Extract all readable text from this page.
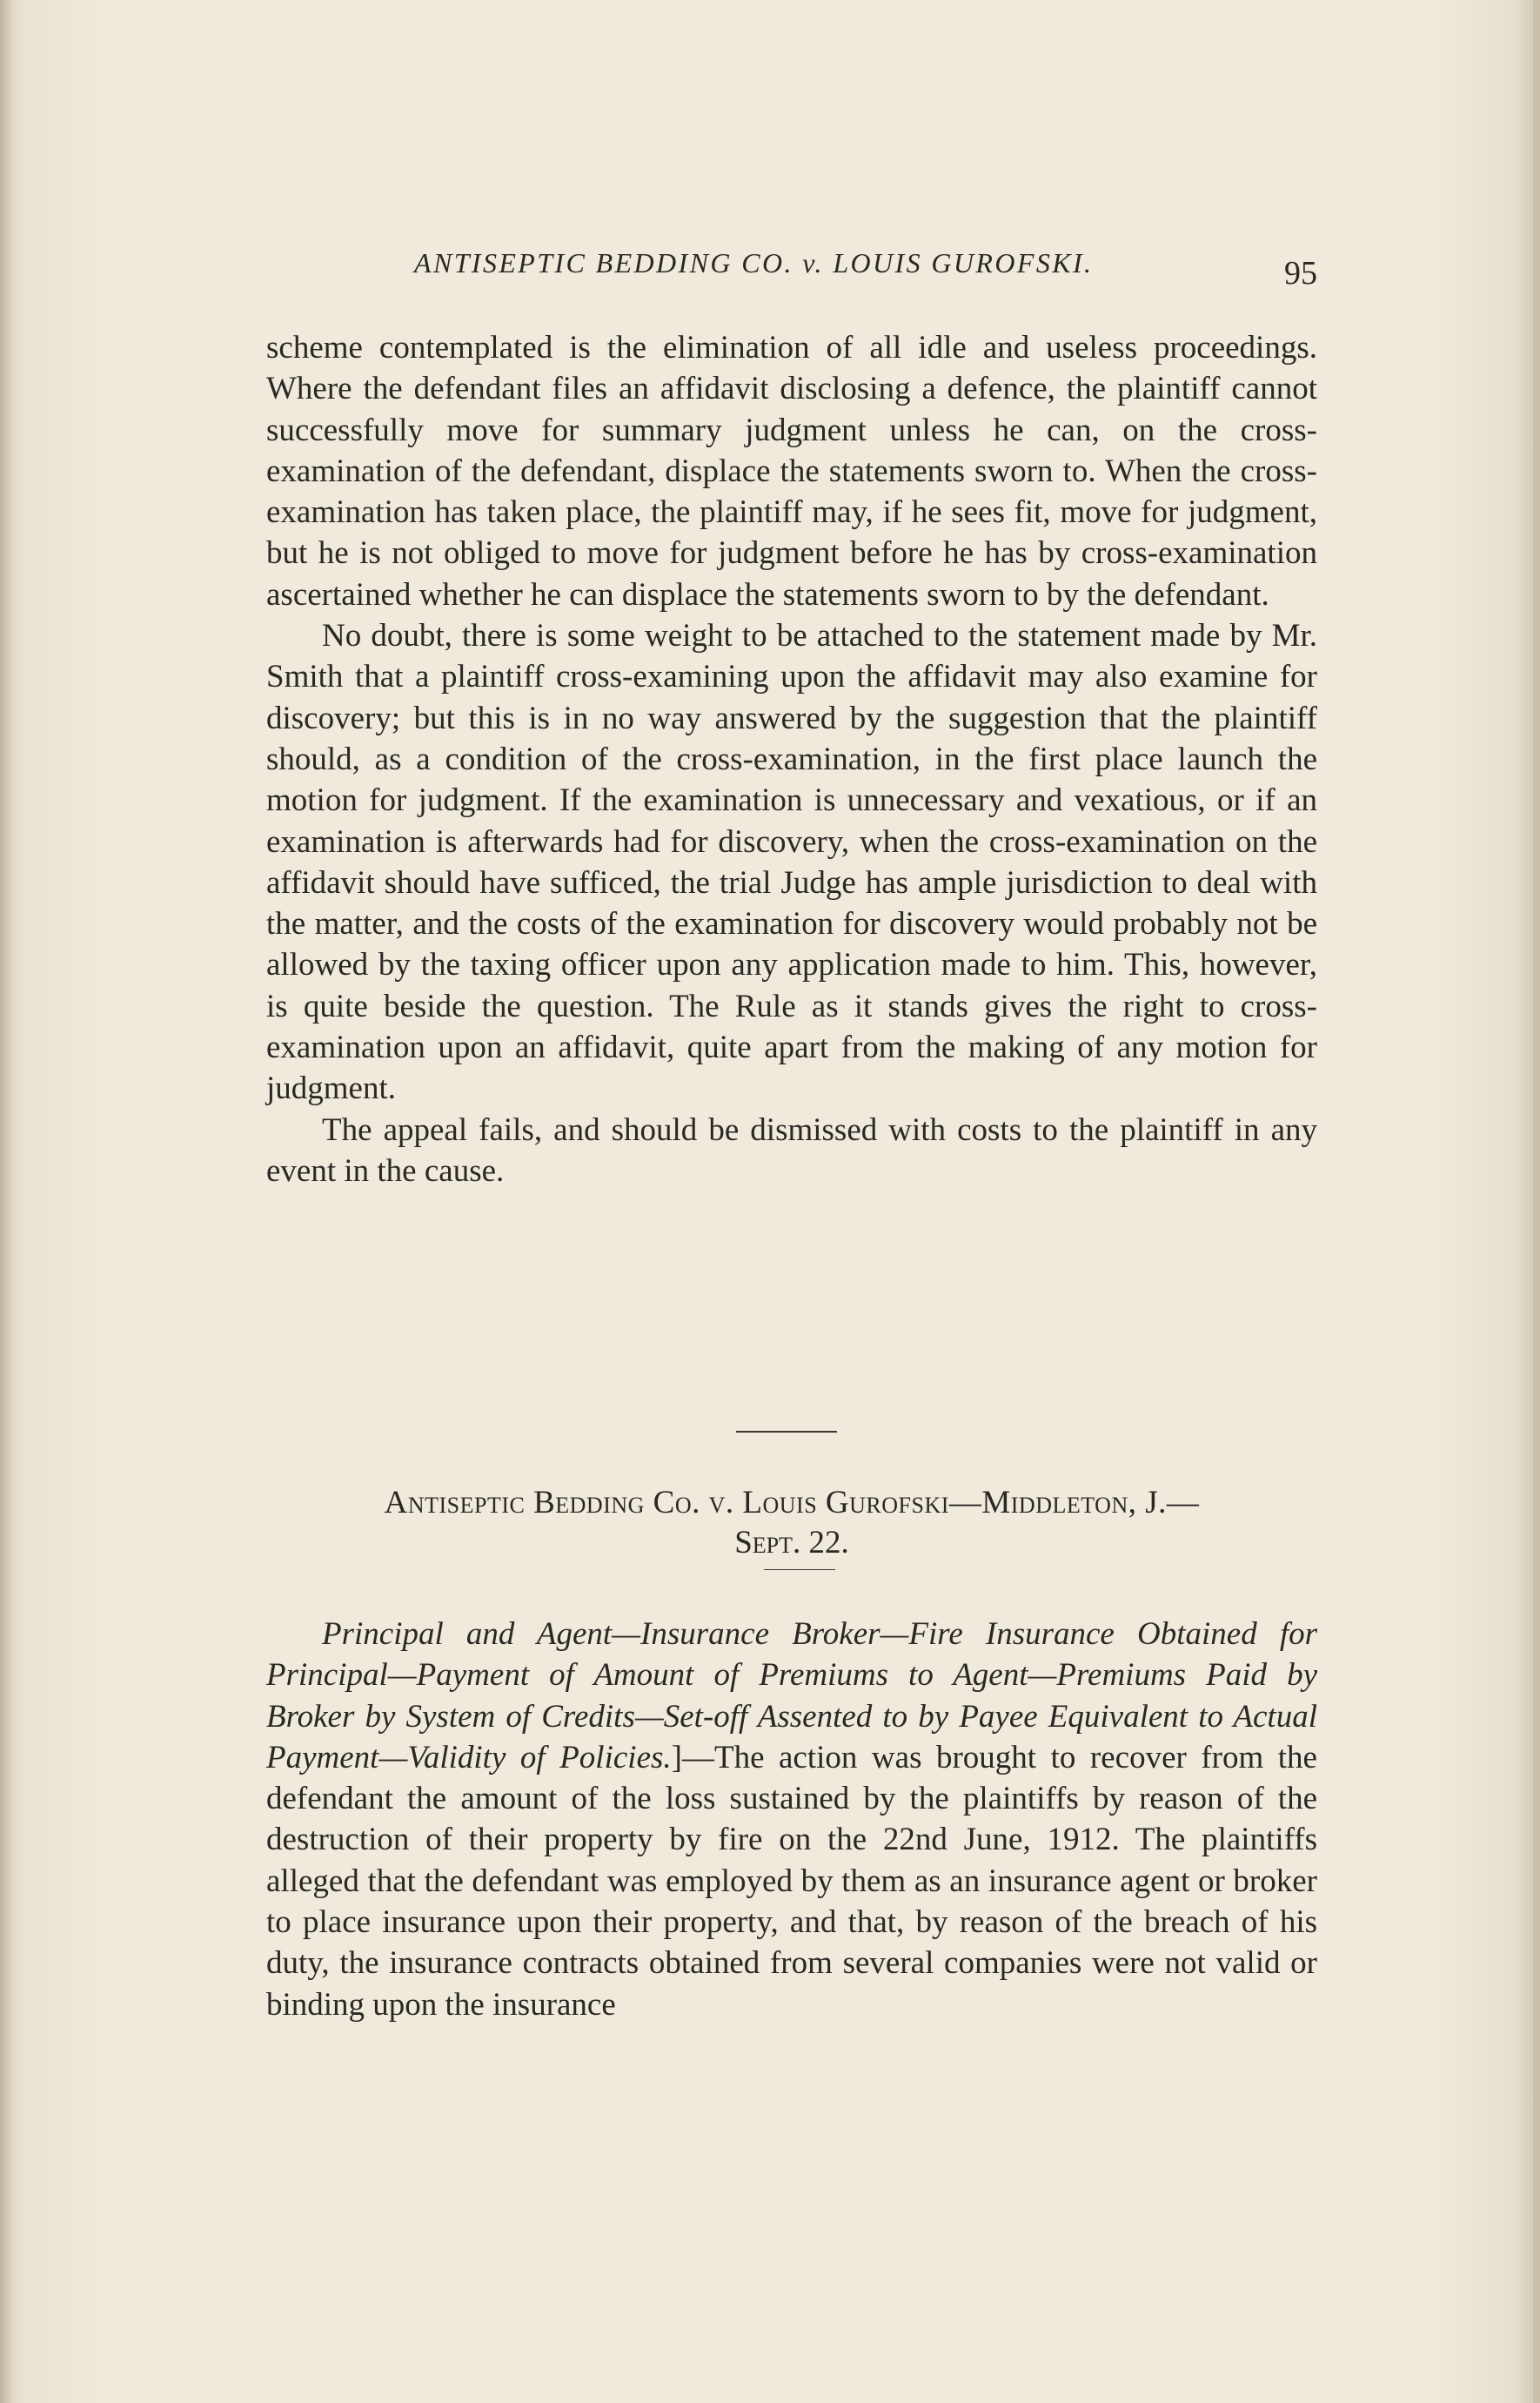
ANTISEPTIC BEDDING CO. v. LOUIS GUROFSKI.	95

scheme contemplated is the elimination of all idle and useless proceedings. Where the defendant files an affidavit disclosing a defence, the plaintiff cannot successfully move for summary judgment unless he can, on the cross-examination of the defendant, displace the statements sworn to. When the cross-examination has taken place, the plaintiff may, if he sees fit, move for judgment, but he is not obliged to move for judgment before he has by cross-examination ascertained whether he can displace the statements sworn to by the defendant.

No doubt, there is some weight to be attached to the statement made by Mr. Smith that a plaintiff cross-examining upon the affidavit may also examine for discovery; but this is in no way answered by the suggestion that the plaintiff should, as a condition of the cross-examination, in the first place launch the motion for judgment. If the examination is unnecessary and vexatious, or if an examination is afterwards had for discovery, when the cross-examination on the affidavit should have sufficed, the trial Judge has ample jurisdiction to deal with the matter, and the costs of the examination for discovery would probably not be allowed by the taxing officer upon any application made to him. This, however, is quite beside the question. The Rule as it stands gives the right to cross-examination upon an affidavit, quite apart from the making of any motion for judgment.

The appeal fails, and should be dismissed with costs to the plaintiff in any event in the cause.

Antiseptic Bedding Co. v. Louis Gurofski—Middleton, J.—
Sept. 22.

Principal and Agent—Insurance Broker—Fire Insurance Obtained for Principal—Payment of Amount of Premiums to Agent—Premiums Paid by Broker by System of Credits—Set-off Assented to by Payee Equivalent to Actual Payment—Validity of Policies.]—The action was brought to recover from the defendant the amount of the loss sustained by the plaintiffs by reason of the destruction of their property by fire on the 22nd June, 1912. The plaintiffs alleged that the defendant was employed by them as an insurance agent or broker to place insurance upon their property, and that, by reason of the breach of his duty, the insurance contracts obtained from several companies were not valid or binding upon the insurance
